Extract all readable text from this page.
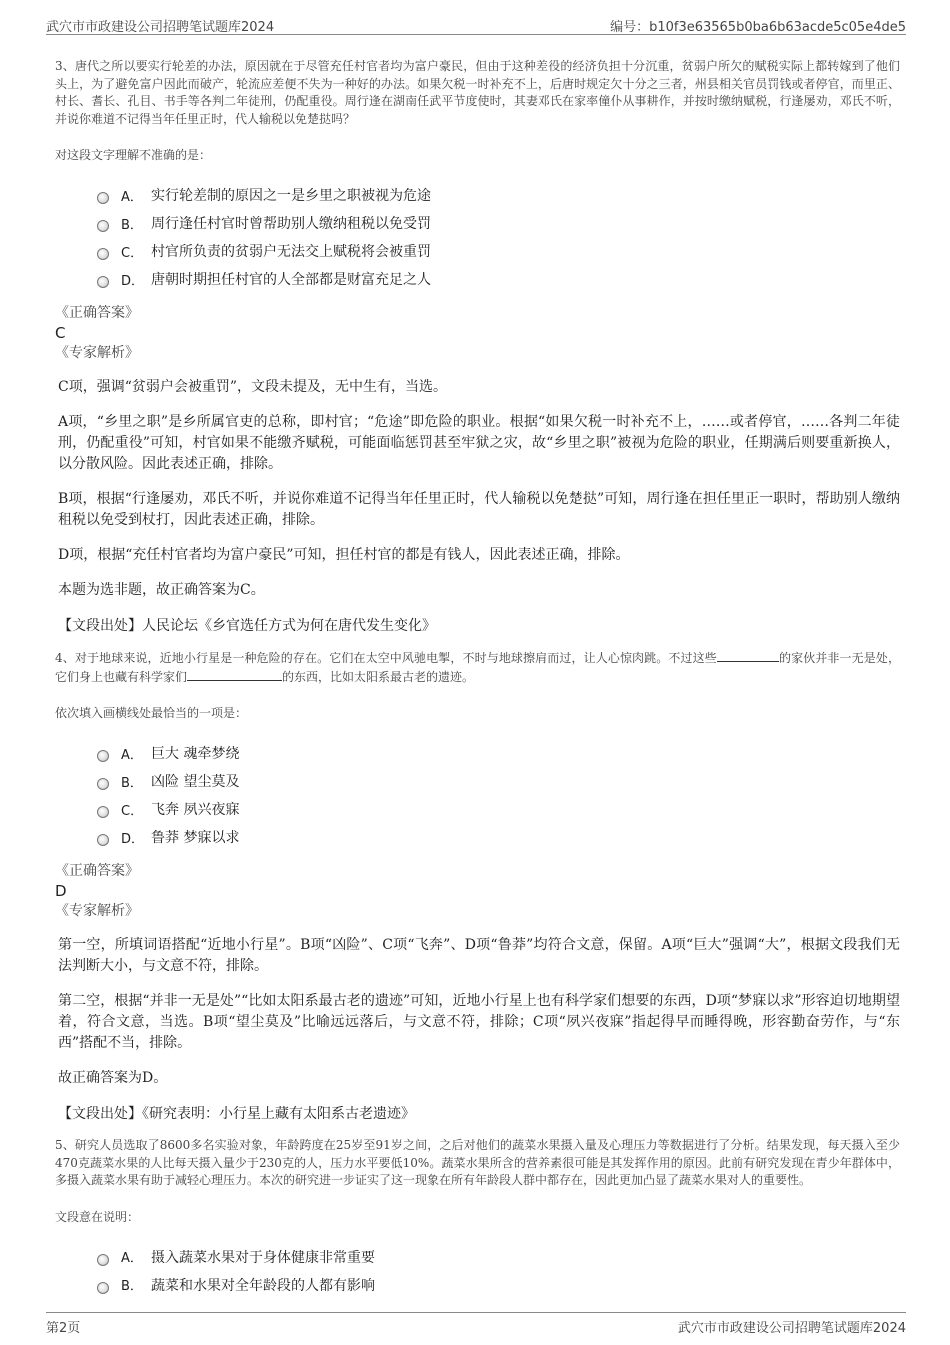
武穴市市政建设公司招聘笔试题库2024	编号：b10f3e63565b0ba6b63acde5c05e4de5

3、唐代之所以要实行轮差的办法，原因就在于尽管充任村官者均为富户豪民，但由于这种差役的经济负担十分沉重，贫弱户所欠的赋税实际上都转嫁到了他们头上，为了避免富户因此而破产，轮流应差便不失为一种好的办法。如果欠税一时补充不上，后唐时规定欠十分之三者，州县相关官员罚钱或者停官，而里正、村长、耆长、孔目、书手等各判二年徒刑，仍配重役。周行逢在湖南任武平节度使时，其妻邓氏在家率僮仆从事耕作，并按时缴纳赋税，行逢屡劝，邓氏不听，并说你难道不记得当年任里正时，代人输税以免楚挞吗？

对这段文字理解不准确的是：

A． 实行轮差制的原因之一是乡里之职被视为危途
B． 周行逢任村官时曾帮助别人缴纳租税以免受罚
C． 村官所负责的贫弱户无法交上赋税将会被重罚
D． 唐朝时期担任村官的人全部都是财富充足之人

《正确答案》

C

《专家解析》

C项，强调“贫弱户会被重罚”，文段未提及，无中生有，当选。

A项，“乡里之职”是乡所属官吏的总称，即村官；“危途”即危险的职业。根据“如果欠税一时补充不上，……或者停官，……各判二年徒刑，仍配重役”可知，村官如果不能缴齐赋税，可能面临惩罚甚至牢狱之灾，故“乡里之职”被视为危险的职业，任期满后则要重新换人，以分散风险。因此表述正确，排除。

B项，根据“行逢屡劝，邓氏不听，并说你难道不记得当年任里正时，代人输税以免楚挞”可知，周行逢在担任里正一职时，帮助别人缴纳租税以免受到杖打，因此表述正确，排除。

D项，根据“充任村官者均为富户豪民”可知，担任村官的都是有钱人，因此表述正确，排除。

本题为选非题，故正确答案为C。

【文段出处】人民论坛《乡官选任方式为何在唐代发生变化》

4、对于地球来说，近地小行星是一种危险的存在。它们在太空中风驰电掣，不时与地球擦肩而过，让人心惊肉跳。不过这些	的家伙并非一无是处，它们身上也藏有科学家们	的东西，比如太阳系最古老的遗迹。

依次填入画横线处最恰当的一项是：

A． 巨大 魂牵梦绕
B． 凶险 望尘莫及
C． 飞奔 夙兴夜寐
D． 鲁莽 梦寐以求

《正确答案》

D

《专家解析》

第一空，所填词语搭配“近地小行星”。B项“凶险”、C项“飞奔”、D项“鲁莽”均符合文意，保留。A项“巨大”强调“大”，根据文段我们无法判断大小，与文意不符，排除。

第二空，根据“并非一无是处”“比如太阳系最古老的遗迹”可知，近地小行星上也有科学家们想要的东西，D项“梦寐以求”形容迫切地期望着，符合文意，当选。B项“望尘莫及”比喻远远落后，与文意不符，排除；C项“夙兴夜寐”指起得早而睡得晚，形容勤奋劳作，与“东西”搭配不当，排除。

故正确答案为D。

【文段出处】《研究表明：小行星上藏有太阳系古老遗迹》

5、研究人员选取了8600多名实验对象，年龄跨度在25岁至91岁之间，之后对他们的蔬菜水果摄入量及心理压力等数据进行了分析。结果发现，每天摄入至少470克蔬菜水果的人比每天摄入量少于230克的人，压力水平要低10%。蔬菜水果所含的营养素很可能是其发挥作用的原因。此前有研究发现在青少年群体中，多摄入蔬菜水果有助于减轻心理压力。本次的研究进一步证实了这一现象在所有年龄段人群中都存在，因此更加凸显了蔬菜水果对人的重要性。

文段意在说明：

A． 摄入蔬菜水果对于身体健康非常重要
B． 蔬菜和水果对全年龄段的人都有影响
第2页	武穴市市政建设公司招聘笔试题库2024
